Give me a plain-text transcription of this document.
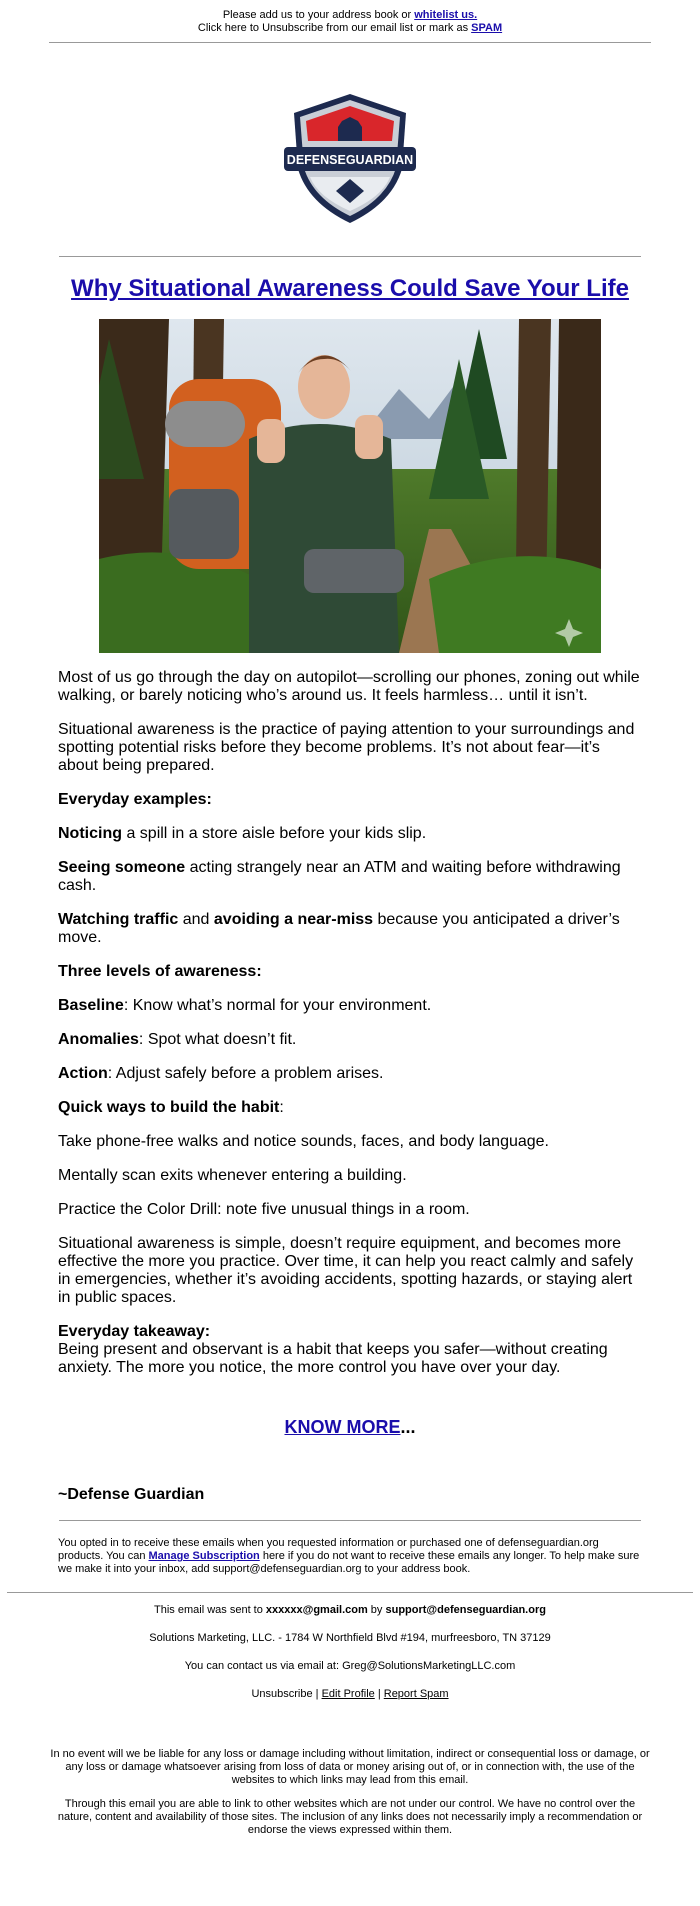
Please add us to your address book or whitelist us.
Click here to Unsubscribe from our email list or mark as SPAM
DEFENSEGUARDIAN
Why Situational Awareness Could Save Your Life

Most of us go through the day on autopilot—scrolling our phones, zoning out while walking, or barely noticing who’s around us. It feels harmless… until it isn’t.

Situational awareness is the practice of paying attention to your surroundings and spotting potential risks before they become problems. It’s not about fear—it’s about being prepared.

Everyday examples:

Noticing a spill in a store aisle before your kids slip.

Seeing someone acting strangely near an ATM and waiting before withdrawing cash.

Watching traffic and avoiding a near-miss because you anticipated a driver’s move.

Three levels of awareness:

Baseline: Know what’s normal for your environment.

Anomalies: Spot what doesn’t fit.

Action: Adjust safely before a problem arises.

Quick ways to build the habit:

Take phone-free walks and notice sounds, faces, and body language.

Mentally scan exits whenever entering a building.

Practice the Color Drill: note five unusual things in a room.

Situational awareness is simple, doesn’t require equipment, and becomes more effective the more you practice. Over time, it can help you react calmly and safely in emergencies, whether it’s avoiding accidents, spotting hazards, or staying alert in public spaces.

Everyday takeaway:
Being present and observant is a habit that keeps you safer—without creating anxiety. The more you notice, the more control you have over your day.

KNOW MORE...
~Defense Guardian
You opted in to receive these emails when you requested information or purchased one of defenseguardian.org products. You can Manage Subscription here if you do not want to receive these emails any longer. To help make sure we make it into your inbox, add support@defenseguardian.org to your address book.

This email was sent to xxxxxx@gmail.com by support@defenseguardian.org

Solutions Marketing, LLC. - 1784 W Northfield Blvd #194, murfreesboro, TN 37129

You can contact us via email at: Greg@SolutionsMarketingLLC.com

Unsubscribe | Edit Profile | Report Spam

In no event will we be liable for any loss or damage including without limitation, indirect or consequential loss or damage, or any loss or damage whatsoever arising from loss of data or money arising out of, or in connection with, the use of the websites to which links may lead from this email.
Through this email you are able to link to other websites which are not under our control. We have no control over the nature, content and availability of those sites. The inclusion of any links does not necessarily imply a recommendation or endorse the views expressed within them.
